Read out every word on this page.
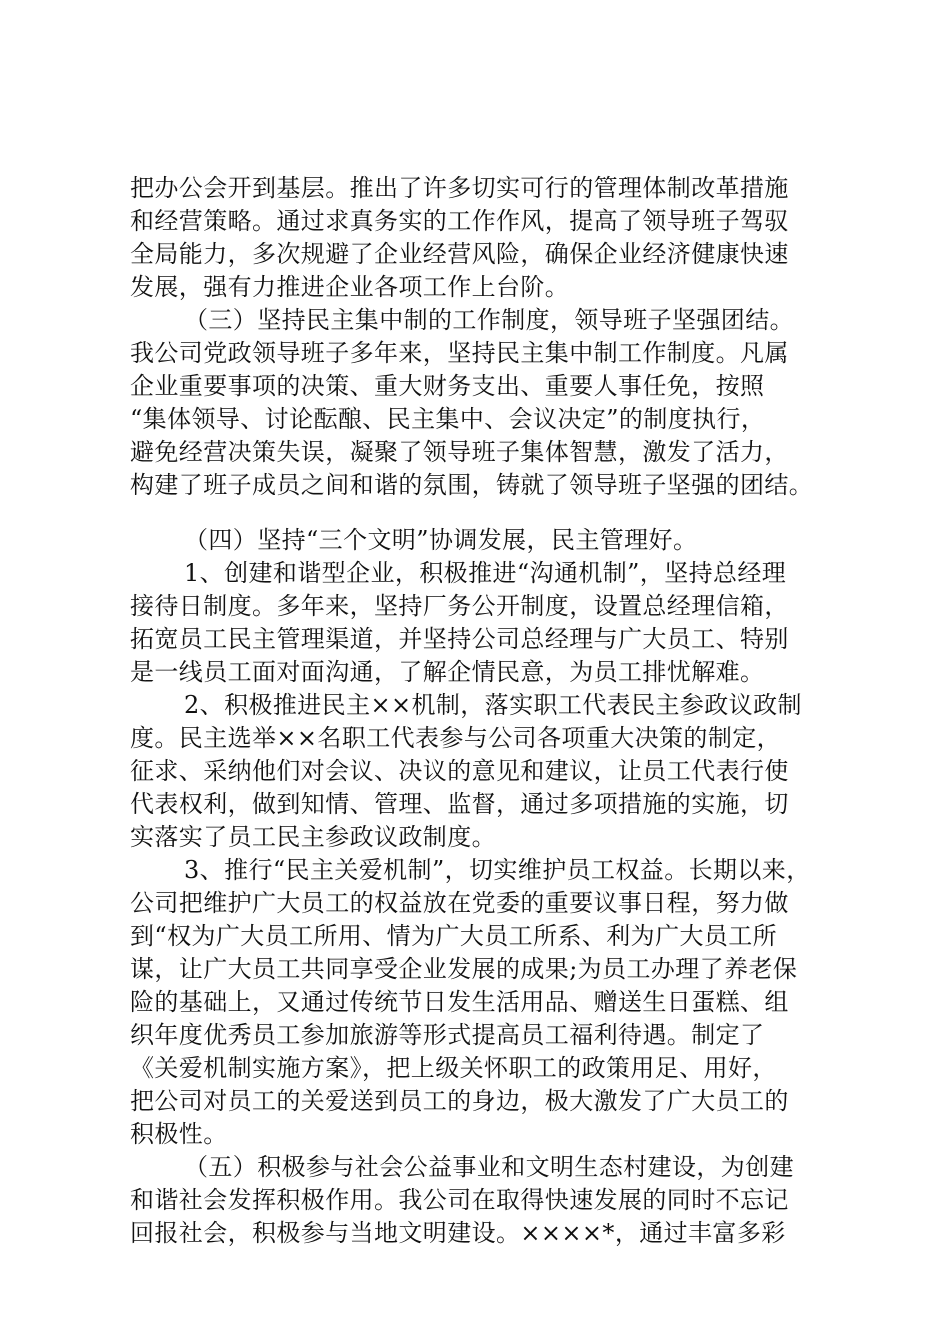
把办公会开到基层。推出了许多切实可行的管理体制改革措施
和经营策略。通过求真务实的工作作风，提高了领导班子驾驭
全局能力，多次规避了企业经营风险，确保企业经济健康快速
发展，强有力推进企业各项工作上台阶。
（三）坚持民主集中制的工作制度，领导班子坚强团结。
我公司党政领导班子多年来，坚持民主集中制工作制度。凡属
企业重要事项的决策、重大财务支出、重要人事任免，按照
“集体领导、讨论酝酿、民主集中、会议决定”的制度执行，
避免经营决策失误，凝聚了领导班子集体智慧，激发了活力，
构建了班子成员之间和谐的氛围，铸就了领导班子坚强的团结。
（四）坚持“三个文明”协调发展，民主管理好。
1、创建和谐型企业，积极推进“沟通机制”，坚持总经理
接待日制度。多年来，坚持厂务公开制度，设置总经理信箱，
拓宽员工民主管理渠道，并坚持公司总经理与广大员工、特别
是一线员工面对面沟通，了解企情民意，为员工排忧解难。
2、积极推进民主××机制，落实职工代表民主参政议政制
度。民主选举××名职工代表参与公司各项重大决策的制定，
征求、采纳他们对会议、决议的意见和建议，让员工代表行使
代表权利，做到知情、管理、监督，通过多项措施的实施，切
实落实了员工民主参政议政制度。
3、推行“民主关爱机制”，切实维护员工权益。长期以来，
公司把维护广大员工的权益放在党委的重要议事日程，努力做
到“权为广大员工所用、情为广大员工所系、利为广大员工所
谋，让广大员工共同享受企业发展的成果;为员工办理了养老保
险的基础上，又通过传统节日发生活用品、赠送生日蛋糕、组
织年度优秀员工参加旅游等形式提高员工福利待遇。制定了
《关爱机制实施方案》，把上级关怀职工的政策用足、用好，
把公司对员工的关爱送到员工的身边，极大激发了广大员工的
积极性。
（五）积极参与社会公益事业和文明生态村建设，为创建
和谐社会发挥积极作用。我公司在取得快速发展的同时不忘记
回报社会，积极参与当地文明建设。××××*，通过丰富多彩
